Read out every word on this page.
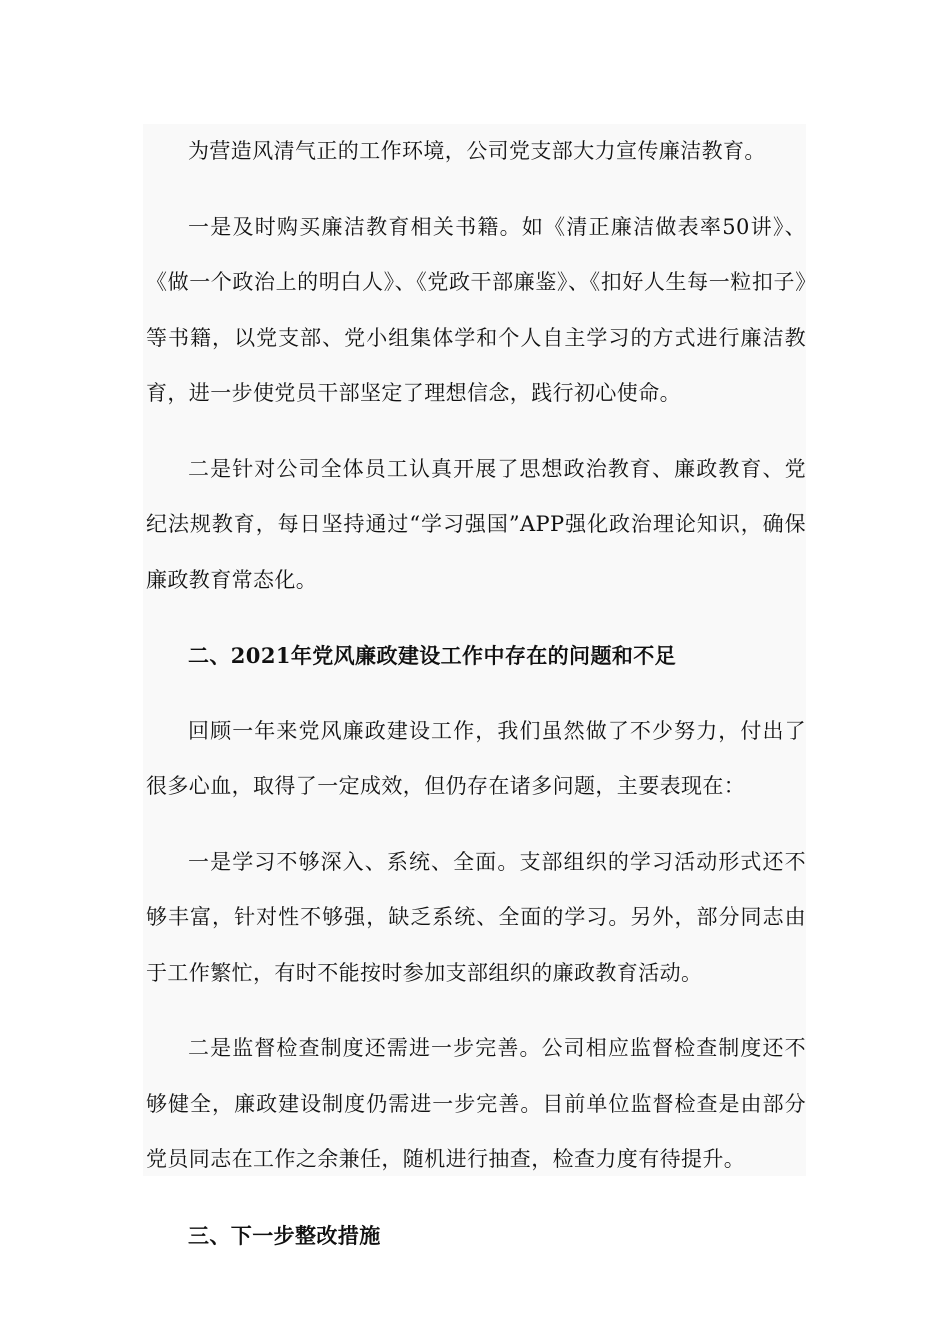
为营造风清气正的工作环境，公司党支部大力宣传廉洁教育。

一是及时购买廉洁教育相关书籍。如《清正廉洁做表率50讲》、《做一个政治上的明白人》、《党政干部廉鉴》、《扣好人生每一粒扣子》等书籍，以党支部、党小组集体学和个人自主学习的方式进行廉洁教育，进一步使党员干部坚定了理想信念，践行初心使命。

二是针对公司全体员工认真开展了思想政治教育、廉政教育、党纪法规教育，每日坚持通过“学习强国”APP强化政治理论知识，确保廉政教育常态化。

二、2021年党风廉政建设工作中存在的问题和不足

回顾一年来党风廉政建设工作，我们虽然做了不少努力，付出了很多心血，取得了一定成效，但仍存在诸多问题，主要表现在：

一是学习不够深入、系统、全面。支部组织的学习活动形式还不够丰富，针对性不够强，缺乏系统、全面的学习。另外，部分同志由于工作繁忙，有时不能按时参加支部组织的廉政教育活动。

二是监督检查制度还需进一步完善。公司相应监督检查制度还不够健全，廉政建设制度仍需进一步完善。目前单位监督检查是由部分党员同志在工作之余兼任，随机进行抽查，检查力度有待提升。

三、下一步整改措施
